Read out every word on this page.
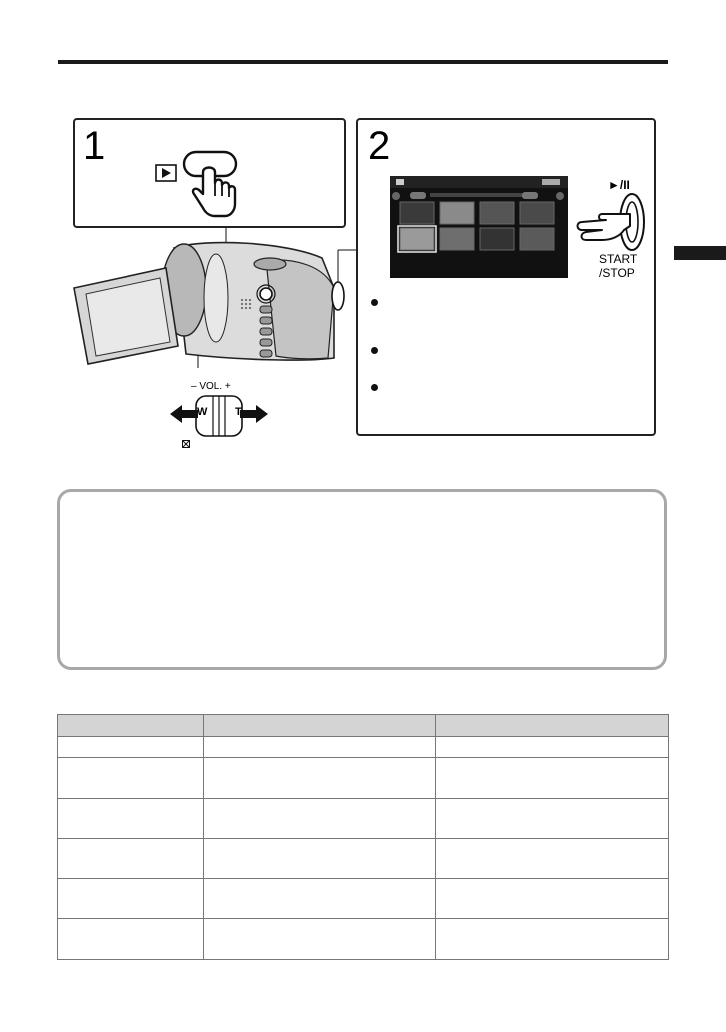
1
– VOL. +
W	T
2
►/II
START
/STOP
